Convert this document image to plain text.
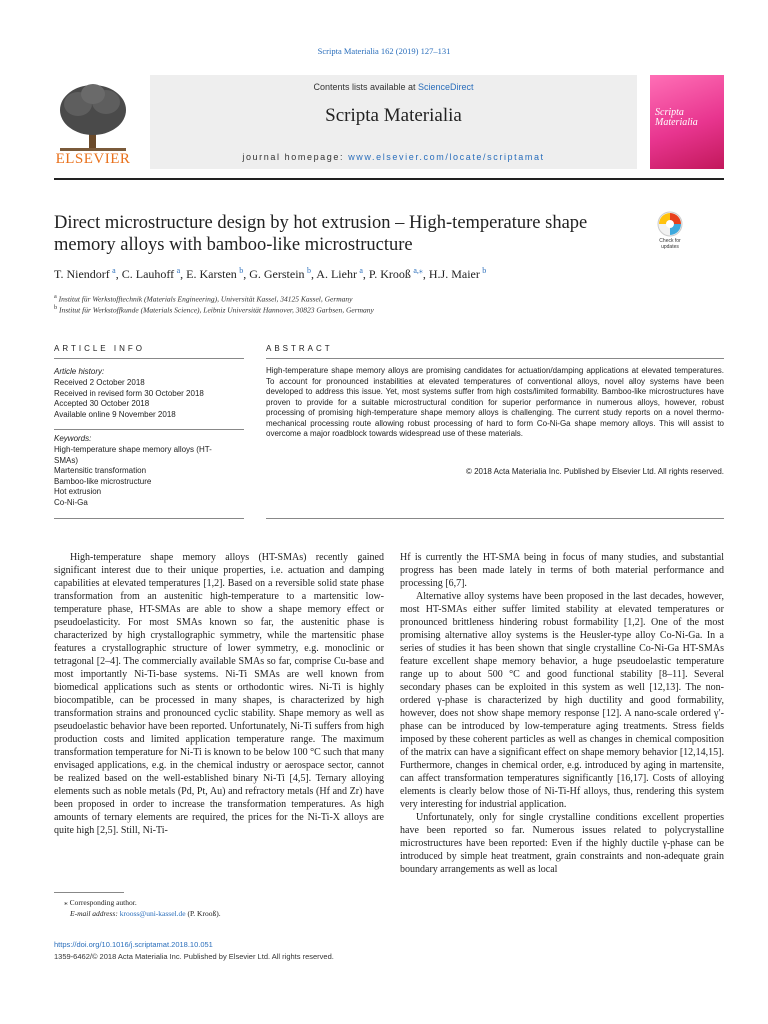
Scripta Materialia 162 (2019) 127–131
ELSEVIER
Contents lists available at ScienceDirect
Scripta Materialia
journal homepage: www.elsevier.com/locate/scriptamat
Scripta Materialia
Direct microstructure design by hot extrusion – High-temperature shape memory alloys with bamboo-like microstructure	Check for
updates
T. Niendorf  $^a$, C. Lauhoff  $^a$, E. Karsten  $^b$, G. Gerstein  $^b$, A. Liehr  $^a$, P. Krooß  $^{a,⁎}$, H.J. Maier  $^b$
$^a$ Institut für Werkstofftechnik (Materials Engineering), Universität Kassel, 34125 Kassel, Germany
$^b$ Institut für Werkstoffkunde (Materials Science), Leibniz Universität Hannover, 30823 Garbsen, Germany
ARTICLE INFO	ABSTRACT
Article history:
Received 2 October 2018
Received in revised form 30 October 2018
Accepted 30 October 2018
Available online 9 November 2018
Keywords:
High-temperature shape memory alloys (HT-SMAs)
Martensitic transformation
Bamboo-like microstructure
Hot extrusion
Co-Ni-Ga
High-temperature shape memory alloys are promising candidates for actuation/damping applications at elevated temperatures. To account for pronounced instabilities at elevated temperatures of conventional alloys, novel alloy systems have been developed to address this issue. Yet, most systems suffer from high costs/limited formability. Bamboo-like microstructures have proven to provide for a suitable microstructural condition for superior performance in numerous alloys, however, robust processing of promising high-temperature shape memory alloys is challenging. The current study reports on a novel thermo-mechanical processing route allowing robust processing of hard to form Co-Ni-Ga shape memory alloys. This will assist to overcome a major roadblock towards widespread use of these materials.
© 2018 Acta Materialia Inc. Published by Elsevier Ltd. All rights reserved.
High-temperature shape memory alloys (HT-SMAs) recently gained significant interest due to their unique properties, i.e. actuation and damping capabilities at elevated temperatures [1,2]. Based on a reversible solid state phase transformation from an austenitic high-temperature to a martensitic low-temperature phase, HT-SMAs are able to show a shape memory effect or pseudoelasticity. For most SMAs known so far, the austenitic phase is characterized by high crystallographic symmetry, while the martensitic phase features a crystallographic structure of lower symmetry, e.g. monoclinic or tetragonal [2–4]. The commercially available SMAs so far, comprise Cu-base and most importantly Ni-Ti-base systems. Ni-Ti SMAs are well known from biomedical applications such as stents or orthodontic wires. Ni-Ti is highly biocompatible, can be processed in many shapes, is characterized by high transformation strains and pronounced cyclic stability. Shape memory as well as pseudoelastic behavior have been reported. Unfortunately, Ni-Ti suffers from high production costs and limited application temperature range. The maximum transformation temperature for Ni-Ti is known to be below 100 °C such that many envisaged applications, e.g. in the chemical industry or aerospace sector, cannot be realized based on the well-established binary Ni-Ti [4,5]. Ternary alloying elements such as noble metals (Pd, Pt, Au) and refractory metals (Hf and Zr) have been proposed in order to increase the transformation temperatures. As high amounts of ternary elements are required, the prices for the Ni-Ti-X alloys are quite high [2,5]. Still, Ni-Ti-

Hf is currently the HT-SMA being in focus of many studies, and substantial progress has been made lately in terms of both material performance and processing [6,7].

Alternative alloy systems have been proposed in the last decades, however, most HT-SMAs either suffer limited stability at elevated temperatures or pronounced brittleness hindering robust formability [1,2]. One of the most promising alternative alloy systems is the Heusler-type alloy Co-Ni-Ga. In a series of studies it has been shown that single crystalline Co-Ni-Ga HT-SMAs feature excellent shape memory behavior, a huge pseudoelastic temperature range up to about 500 °C and good functional stability [8–11]. Several secondary phases can be exploited in this system as well [12,13]. The non-ordered γ-phase is characterized by high ductility and good formability, however, does not show shape memory response [12]. A nano-scale ordered γ′-phase can be introduced by low-temperature aging treatments. Stress fields imposed by these coherent particles as well as changes in chemical composition of the matrix can have a significant effect on shape memory behavior [12,14,15]. Furthermore, changes in chemical order, e.g. introduced by aging in martensite, can affect transformation temperatures significantly [16,17]. Costs of alloying elements is clearly below those of Ni-Ti-Hf alloys, thus, rendering this system very interesting for industrial application.

Unfortunately, only for single crystalline conditions excellent properties have been reported so far. Numerous issues related to polycrystalline microstructures have been reported: Even if the highly ductile γ-phase can be introduced by simple heat treatment, grain constraints and non-adequate grain boundary arrangements as well as local

⁎ Corresponding author.
E-mail address: krooss@uni-kassel.de (P. Krooß).
https://doi.org/10.1016/j.scriptamat.2018.10.051
1359-6462/© 2018 Acta Materialia Inc. Published by Elsevier Ltd. All rights reserved.
